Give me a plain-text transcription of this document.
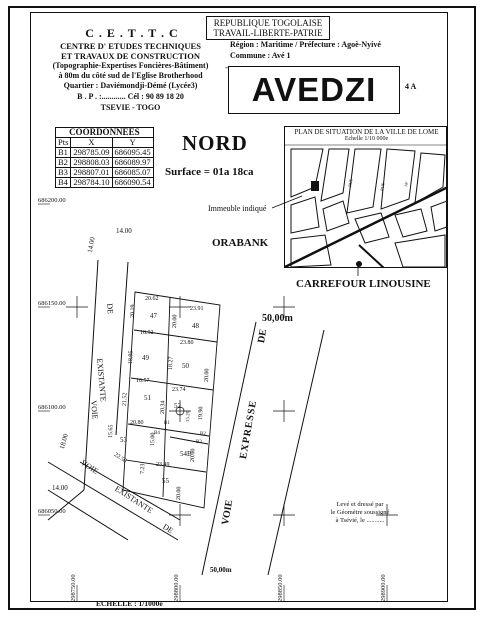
C . E . T . T . C
CENTRE D' ETUDES TECHNIQUES
ET TRAVAUX DE CONSTRUCTION
(Topographie-Expertises Foncières-Bâtiment)
à 80m du côté sud de l'Eglise Brotherhood
Quartier : Daviémondji-Démé (Lycée3)
B . P . :............ Cél : 90 89 18 20
TSEVIE - TOGO
REPUBLIQUE TOGOLAISE
TRAVAIL-LIBERTE-PATRIE
Région : Maritime / Préfecture : Agoè-Nyivé
Commune : Avé 1
-
4 A
AVEDZI
COORDONNEES		
Pts	X	Y
B1	298785.09	686095.45
B2	298808.03	686089.97
B3	298807.01	686085.07
B4	298784.10	686090.54
NORD
Surface = 01a 18ca
PLAN DE SITUATION DE LA VILLE DE LOME
Echelle 1/10 000e
RUE	RUE	AV
Immeuble indiqué
ORABANK
CARREFOUR LINOUSINE
50,00m
50,00m
DE
EXPRESSE
VOIE
DE
EXISTANTE
VOIE
VOIE
EXISTANTE
DE
14.00
14.00
14.00
18.00
47
48
49
50
51
52
53
54B
55
20.62
23.91
20.19
20.00
18.92
23.80
18.95	18.27
20.00
16.57
23.74
21.52
20.34	19.90
20.80
15.65
15.00
22.56
23.49
20.00
7.23
15.20
20.00
B1
B2
B3
B4
686200.00
686150.00
686100.00
686050.00
298750.00	298800.00	298850.00	298900.00
Levé et dressé par
le Géomètre soussigné
à Tsévié, le ...........
ECHELLE : 1/1000e
